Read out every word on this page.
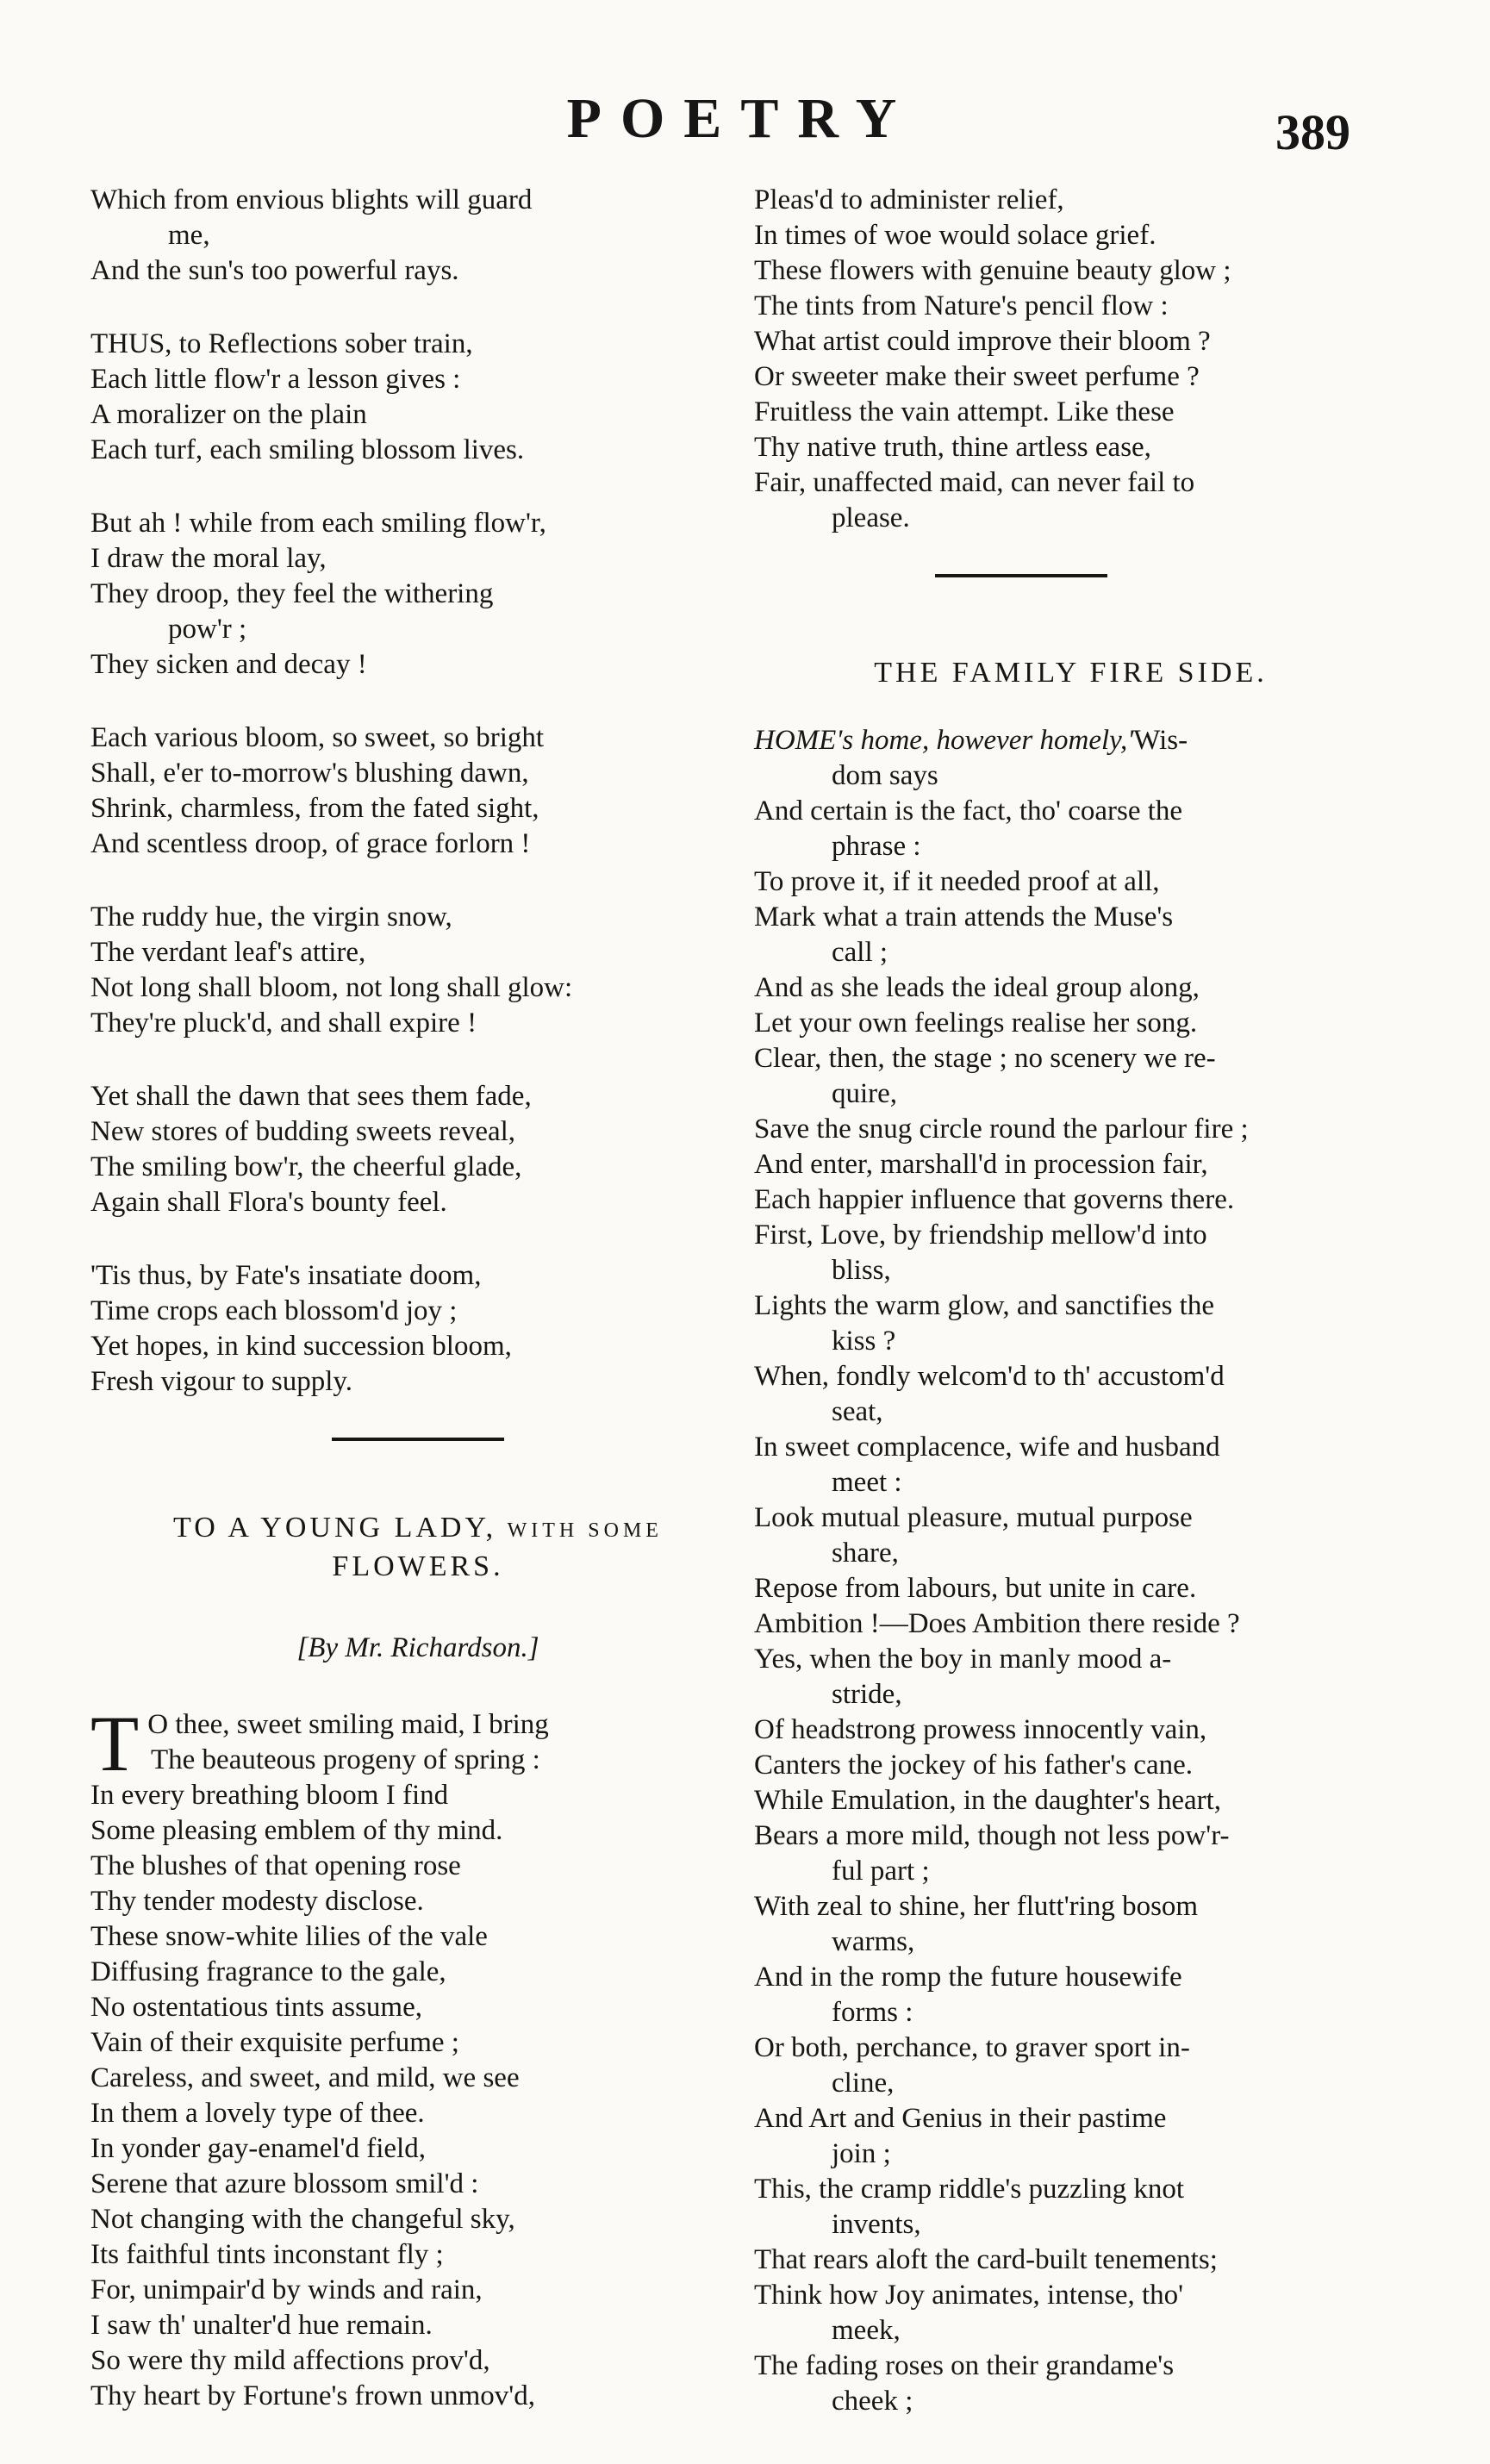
POETRY	389
Which from envious blights will guard
me,
And the sun's too powerful rays.
THUS, to Reflections sober train,
Each little flow'r a lesson gives :
A moralizer on the plain
Each turf, each smiling blossom lives.
But ah ! while from each smiling flow'r,
I draw the moral lay,
They droop, they feel the withering
pow'r ;
They sicken and decay !
Each various bloom, so sweet, so bright
Shall, e'er to-morrow's blushing dawn,
Shrink, charmless, from the fated sight,
And scentless droop, of grace forlorn !
The ruddy hue, the virgin snow,
The verdant leaf's attire,
Not long shall bloom, not long shall glow:
They're pluck'd, and shall expire !
Yet shall the dawn that sees them fade,
New stores of budding sweets reveal,
The smiling bow'r, the cheerful glade,
Again shall Flora's bounty feel.
'Tis thus, by Fate's insatiate doom,
Time crops each blossom'd joy ;
Yet hopes, in kind succession bloom,
Fresh vigour to supply.
TO A YOUNG LADY, WITH SOME
FLOWERS.
[By Mr. Richardson.]
T O thee, sweet smiling maid, I bring
The beauteous progeny of spring :
In every breathing bloom I find
Some pleasing emblem of thy mind.
The blushes of that opening rose
Thy tender modesty disclose.
These snow-white lilies of the vale
Diffusing fragrance to the gale,
No ostentatious tints assume,
Vain of their exquisite perfume ;
Careless, and sweet, and mild, we see
In them a lovely type of thee.
In yonder gay-enamel'd field,
Serene that azure blossom smil'd :
Not changing with the changeful sky,
Its faithful tints inconstant fly ;
For, unimpair'd by winds and rain,
I saw th' unalter'd hue remain.
So were thy mild affections prov'd,
Thy heart by Fortune's frown unmov'd,
Pleas'd to administer relief,
In times of woe would solace grief.
These flowers with genuine beauty glow ;
The tints from Nature's pencil flow :
What artist could improve their bloom ?
Or sweeter make their sweet perfume ?
Fruitless the vain attempt. Like these
Thy native truth, thine artless ease,
Fair, unaffected maid, can never fail to
please.
THE FAMILY FIRE SIDE.
HOME's home, however homely,'Wis-
dom says
And certain is the fact, tho' coarse the
phrase :
To prove it, if it needed proof at all,
Mark what a train attends the Muse's
call ;
And as she leads the ideal group along,
Let your own feelings realise her song.
Clear, then, the stage ; no scenery we re-
quire,
Save the snug circle round the parlour fire ;
And enter, marshall'd in procession fair,
Each happier influence that governs there.
First, Love, by friendship mellow'd into
bliss,
Lights the warm glow, and sanctifies the
kiss ?
When, fondly welcom'd to th' accustom'd
seat,
In sweet complacence, wife and husband
meet :
Look mutual pleasure, mutual purpose
share,
Repose from labours, but unite in care.
Ambition !—Does Ambition there reside ?
Yes, when the boy in manly mood a-
stride,
Of headstrong prowess innocently vain,
Canters the jockey of his father's cane.
While Emulation, in the daughter's heart,
Bears a more mild, though not less pow'r-
ful part ;
With zeal to shine, her flutt'ring bosom
warms,
And in the romp the future housewife
forms :
Or both, perchance, to graver sport in-
cline,
And Art and Genius in their pastime
join ;
This, the cramp riddle's puzzling knot
invents,
That rears aloft the card-built tenements;
Think how Joy animates, intense, tho'
meek,
The fading roses on their grandame's
cheek ;
